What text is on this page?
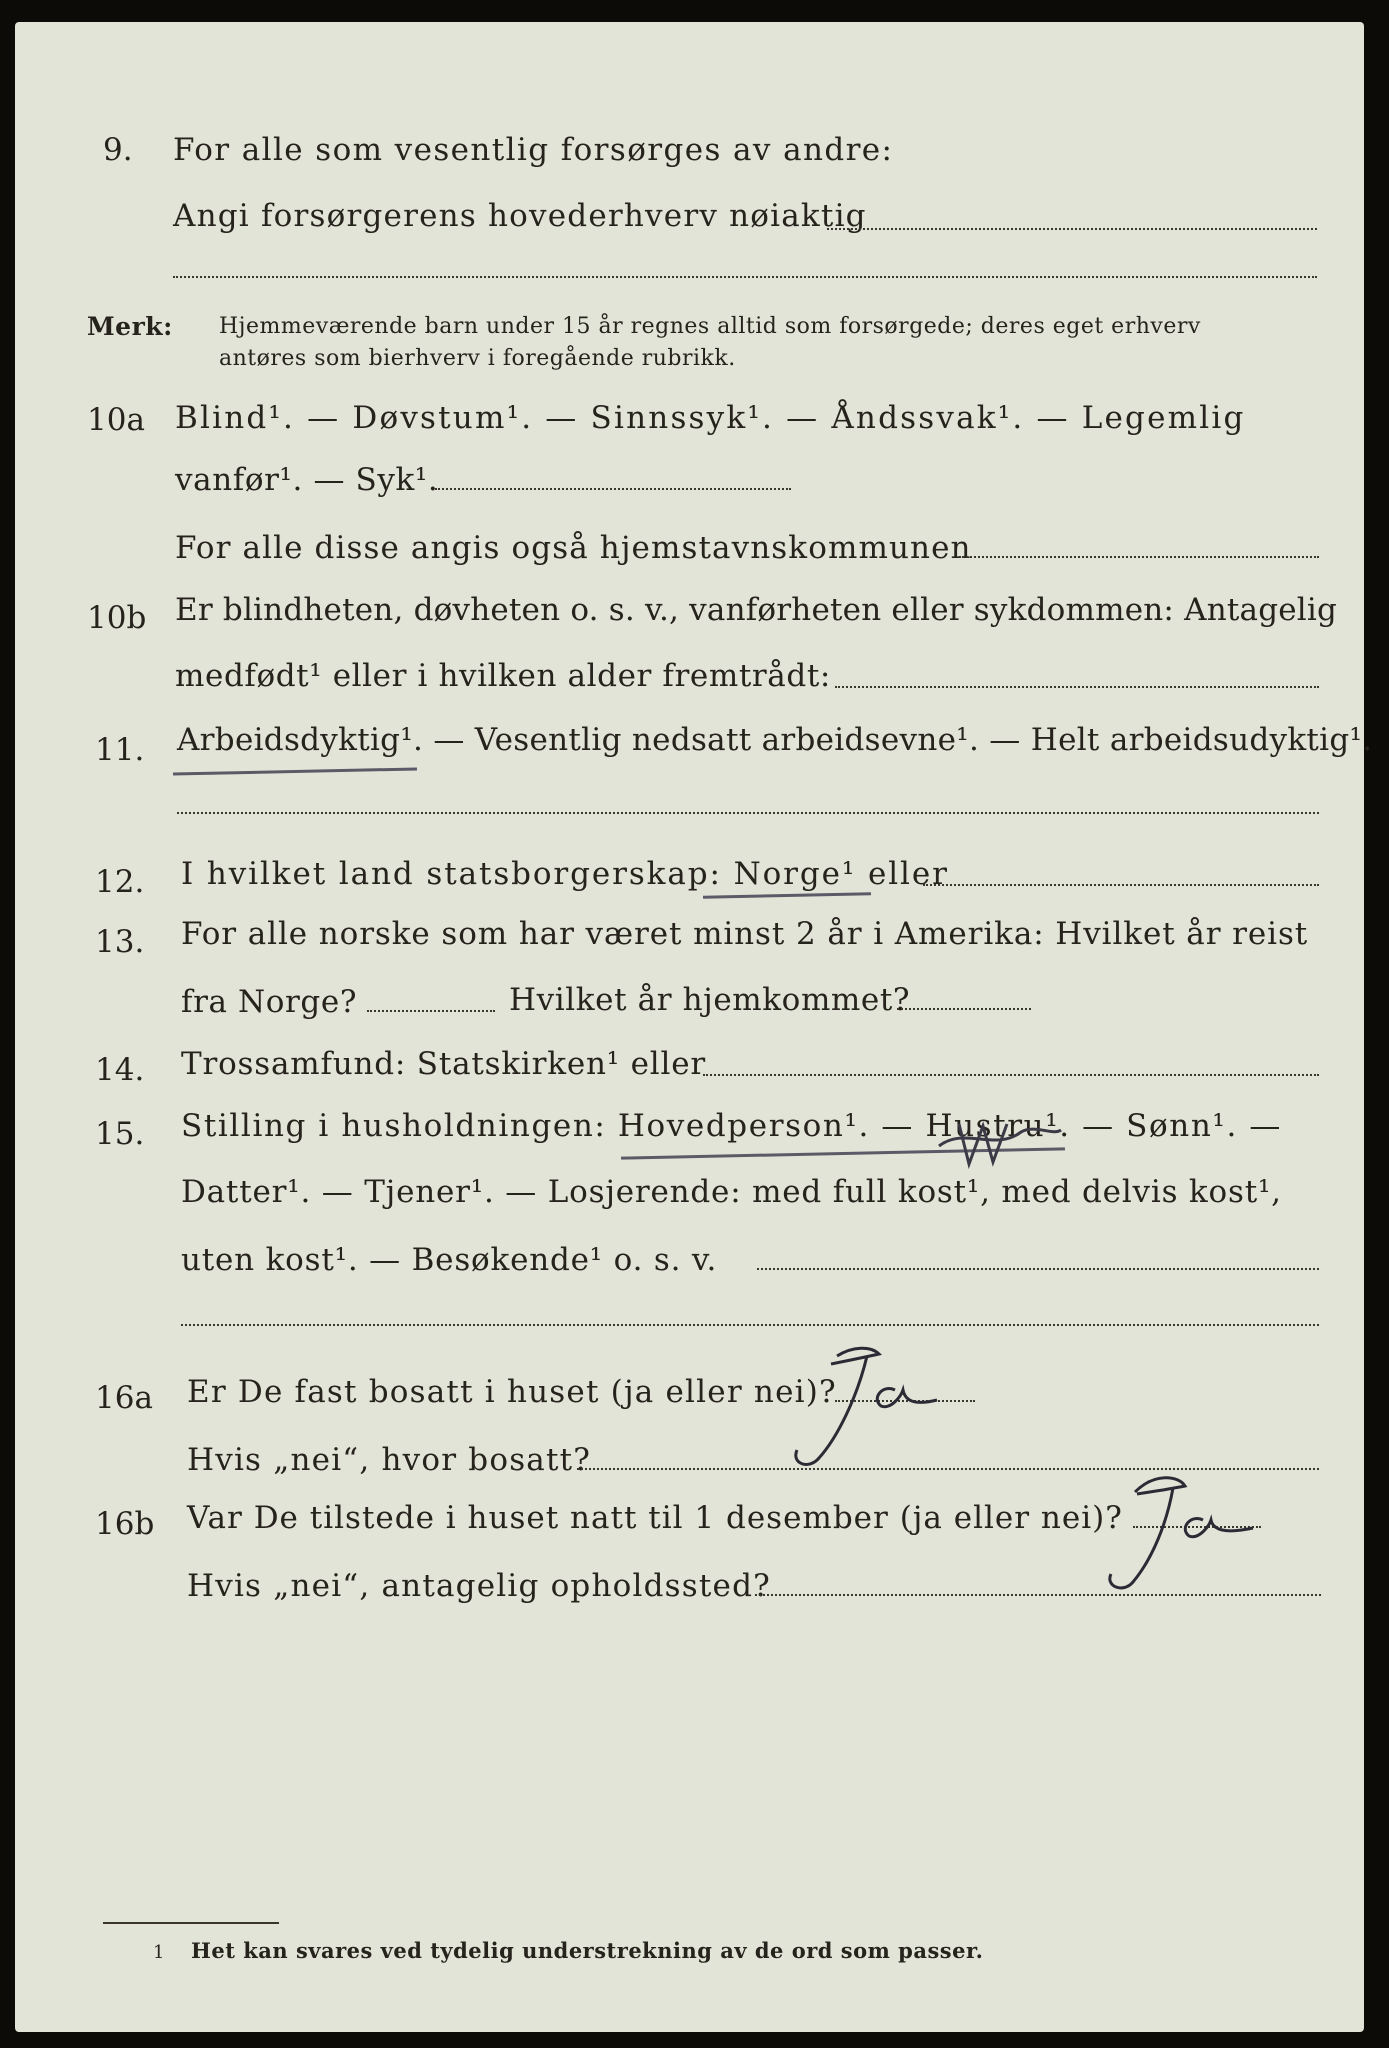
9. For alle som vesentlig forsørges av andre:
Angi forsørgerens hovederhverv nøiaktig
Merk: Hjemmeværende barn under 15 år regnes alltid som forsørgede; deres eget erhverv
antøres som bierhverv i foregående rubrikk.
10a Blind¹. — Døvstum¹. — Sinnssyk¹. — Åndssvak¹. — Legemlig
vanfør¹. — Syk¹.
For alle disse angis også hjemstavnskommunen
10b Er blindheten, døvheten o. s. v., vanførheten eller sykdommen: Antagelig
medfødt¹ eller i hvilken alder fremtrådt:
11. Arbeidsdyktig¹. — Vesentlig nedsatt arbeidsevne¹. — Helt arbeidsudyktig¹.
12. I hvilket land statsborgerskap: Norge¹ eller
13. For alle norske som har været minst 2 år i Amerika: Hvilket år reist
fra Norge?	Hvilket år hjemkommet?
14. Trossamfund: Statskirken¹ eller
15. Stilling i husholdningen: Hovedperson¹. — Hustru¹. — Sønn¹. —
Datter¹. — Tjener¹. — Losjerende: med full kost¹, med delvis kost¹,
uten kost¹. — Besøkende¹ o. s. v.
16a Er De fast bosatt i huset (ja eller nei)?
Ja
Hvis „nei“, hvor bosatt?
16b Var De tilstede i huset natt til 1 desember (ja eller nei)?
Ja
Hvis „nei“, antagelig opholdssted?
1 Het kan svares ved tydelig understrekning av de ord som passer.
